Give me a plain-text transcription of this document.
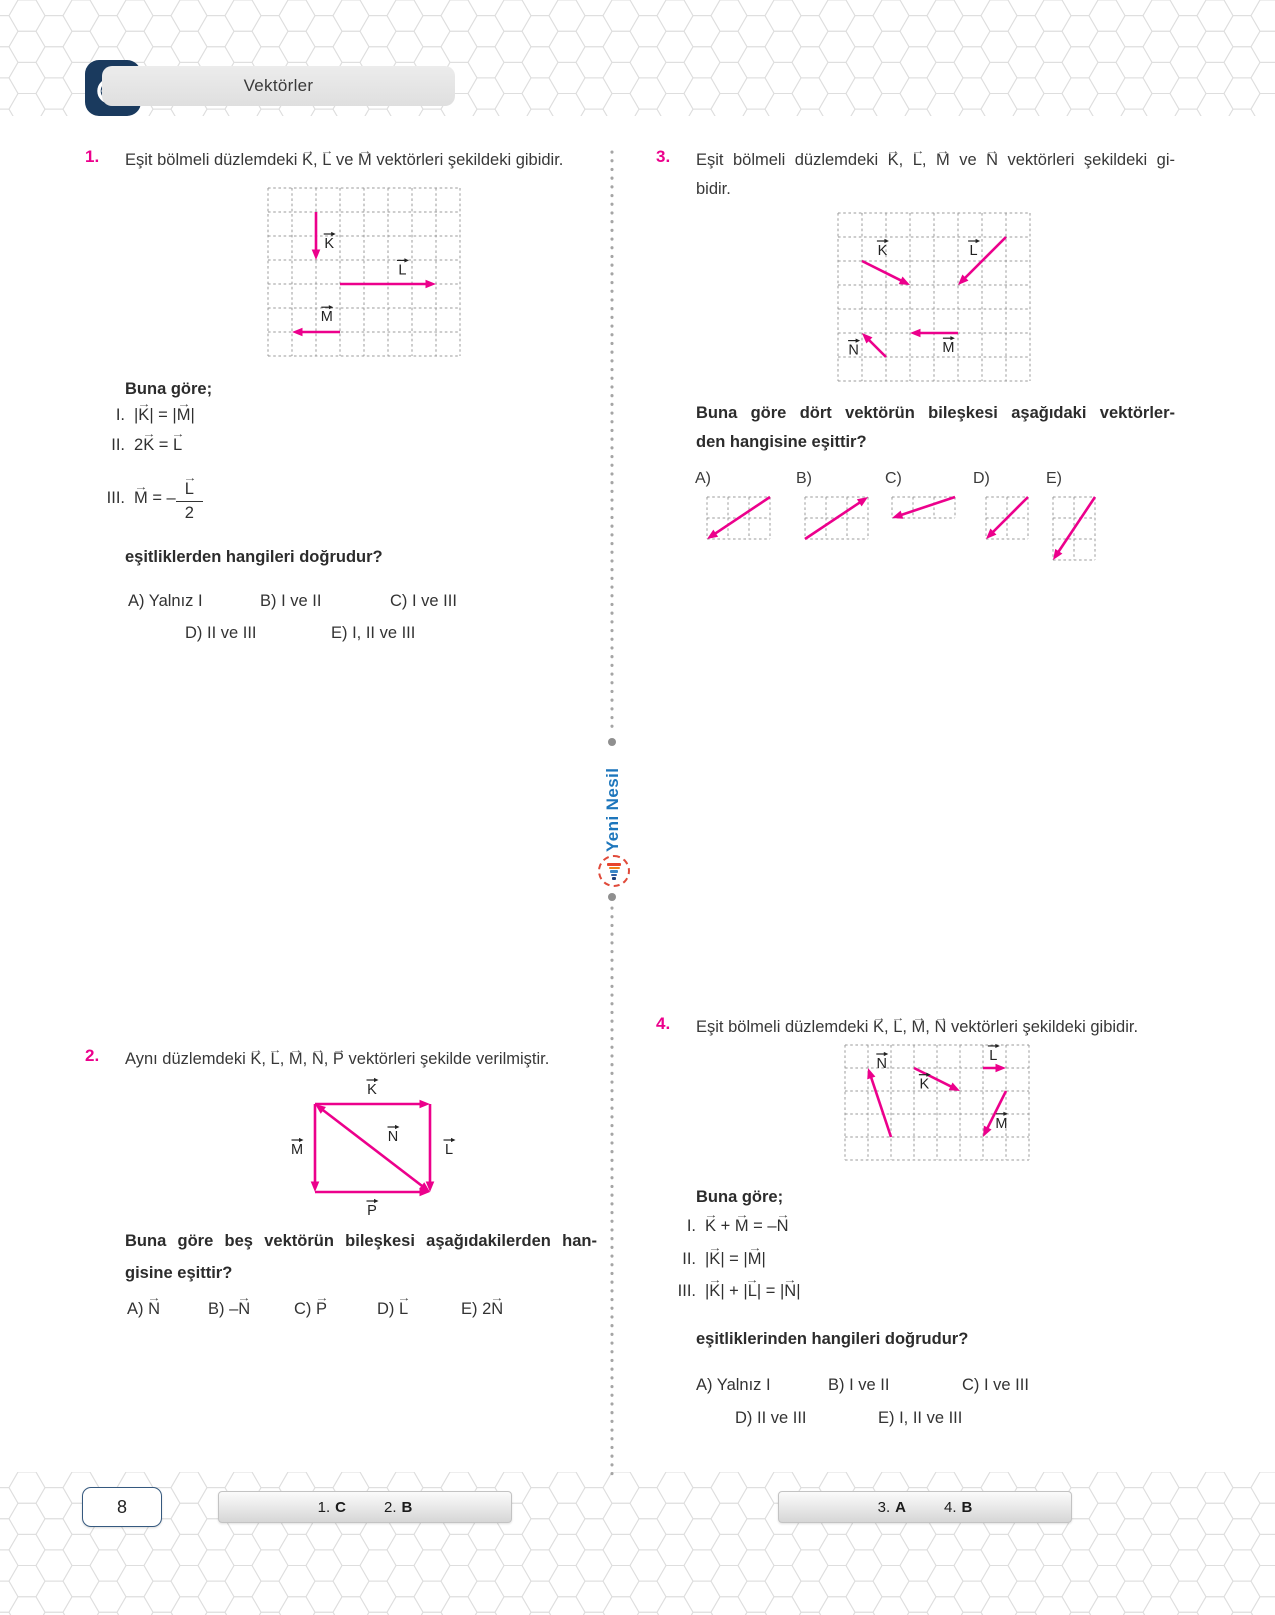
Vektörler
Yeni Nesil
1. Eşit bölmeli düzlemdeki K →, L → ve M → vektörleri şekildeki gibidir.
K
L
M
Buna göre;
I. |K →| = |M →|
II. 2K → = L →
III. M → = – $\frac{L \to}{2}$
eşitliklerden hangileri doğrudur?
A) Yalnız I	B) I ve II	C) I ve III
D) II ve III	E) I, II ve III
2. Aynı düzlemdeki K →, L →, M →, N →, P → vektörleri şekilde verilmiştir.
K
M	L
P
N
Buna göre beş vektörün bileşkesi aşağıdakilerden han-
gisine eşittir?
A) N →	B) –N →	C) P →	D) L →	E) 2N →
3. Eşit bölmeli düzlemdeki K →, L →, M → ve N → vektörleri şekildeki gi-
bidir.
K	L
M
N
Buna göre dört vektörün bileşkesi aşağıdaki vektörler-
den hangisine eşittir?
A)	B)	C)	D)	E)
4. Eşit bölmeli düzlemdeki K →, L →, M →, N → vektörleri şekildeki gibidir.
N
K
L
M
Buna göre;
I. K → + M → = –N →
II. |K →| = |M →|
III. |K →| + |L →| = |N →|
eşitliklerinden hangileri doğrudur?
A) Yalnız I	B) I ve II	C) I ve III
D) II ve III	E) I, II ve III
8	1. C	2. B	3. A	4. B
